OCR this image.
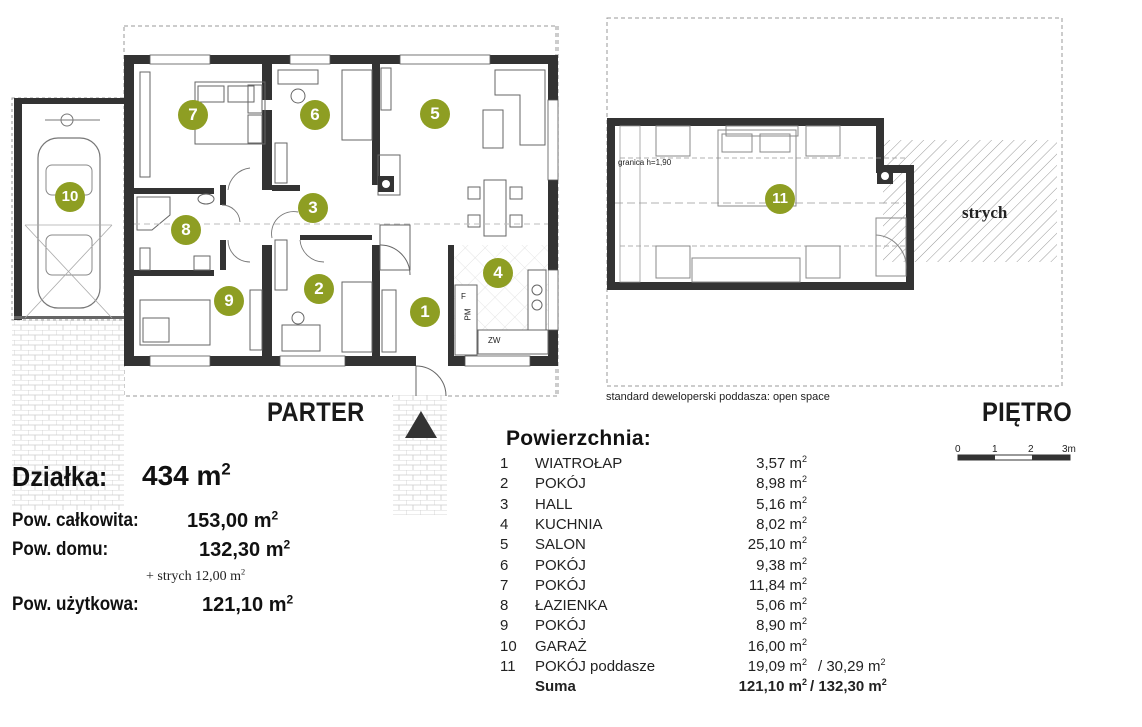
1
2
3
4
5
6
7
8
9
10	11
PM
ZW
F
PARTER	PIĘTRO
strych
standard deweloperski poddasza: open space
granica h=1,90
0	1	2	3m
Działka: 434 $m^2$
Pow. całkowita: 153,00 $m^2$
Pow. domu:	132,30 $m^2$
+ strych 12,00 $m^2$
Pow. użytkowa:	121,10 $m^2$
Powierzchnia:
1	WIATROŁAP	3,57 $m^2$
2	POKÓJ	8,98 $m^2$
3	HALL	5,16 $m^2$
4	KUCHNIA	8,02 $m^2$
5	SALON	25,10 $m^2$
6	POKÓJ	9,38 $m^2$
7	POKÓJ	11,84 $m^2$
8	ŁAZIENKA	5,06 $m^2$
9	POKÓJ	8,90 $m^2$
10 GARAŻ	16,00 $m^2$
11 POKÓJ poddasze	19,09 $m^2 / 30,29$ $m^2$
Suma	121,10 $m^2 / 132,30$ $m^2$
